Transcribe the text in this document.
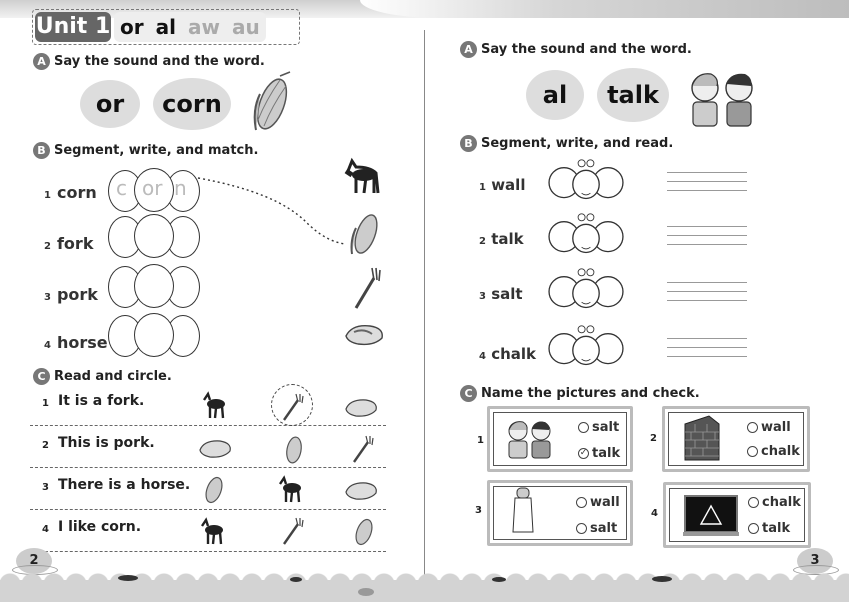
Unit 1 or al aw au
A Say the sound and the word.
or	corn
B Segment, write, and match.
1 corn
2 fork
3 pork
4 horse
c or n
C Read and circle.
1 It is a fork.
2 This is pork.
3 There is a horse.
4 I like corn.
2
A Say the sound and the word.
al	talk
B Segment, write, and read.
1 wall
2 talk
3 salt
4 chalk
C Name the pictures and check.
1
salt
✓ talk
2
wall
chalk
3
wall
salt
4
chalk
talk
3
